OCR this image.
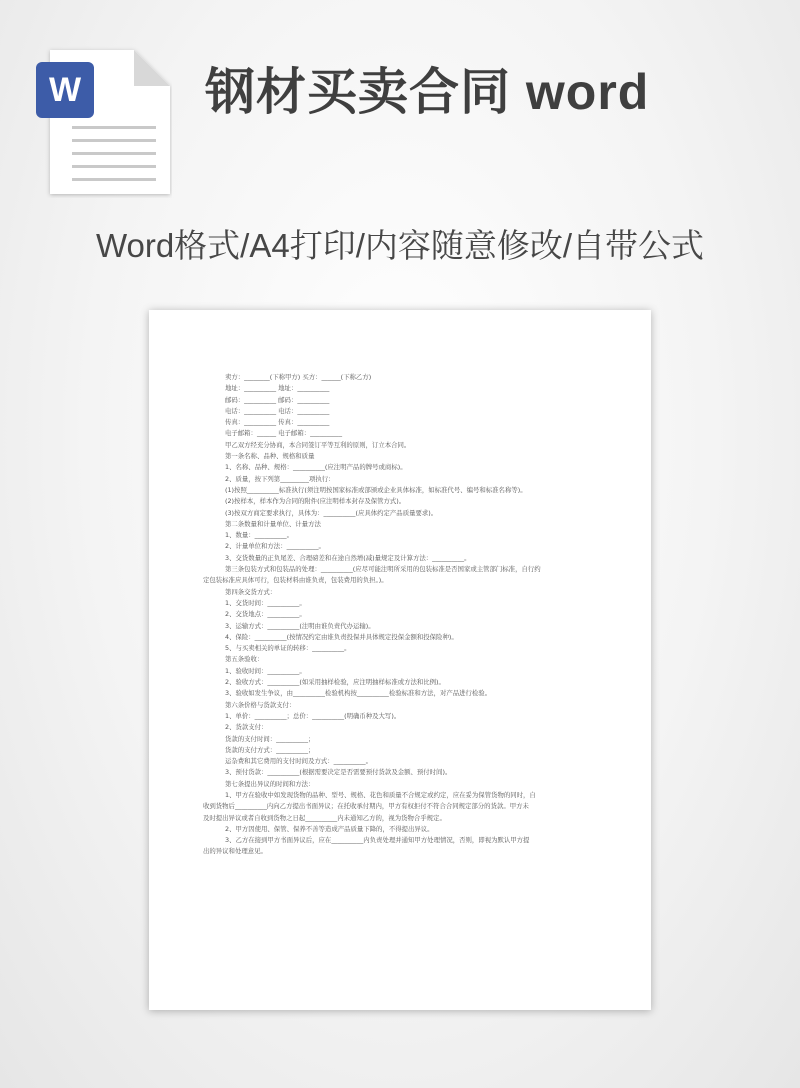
W 钢材买卖合同 word
Word格式/A4打印/内容随意修改/自带公式
卖方：________(下称甲方) 买方：______(下称乙方)
地址：__________ 地址：__________
邮码：__________ 邮码：__________
电话：__________ 电话：__________
传真：__________ 传真：__________
电子邮箱：______ 电子邮箱：__________
甲乙双方经充分协商，本合同签订平等互利的原则，订立本合同。
第一条名称、品种、规格和质量
1、名称、品种、规格：__________(应注明产品的牌号或商标)。
2、质量，按下列第_________项执行：
(1)按照__________标准执行(须注明按国家标准或部颁或企业具体标准，如标准代号、编号和标准名称等)。
(2)按样本，样本作为合同的附件(应注明样本封存及保管方式)。
(3)按双方商定要求执行，具体为：__________(应具体约定产品质量要求)。
第二条数量和计量单位、计量方法
1、数量：__________。
2、计量单位和方法：__________。
3、交货数量的正负尾差、合理磅差和在途自然增(减)量规定及计算方法：__________。
第三条包装方式和包装品的处理：__________(应尽可能注明所采用的包装标准是否国家或主管部门标准，自行约
定包装标准应具体可行，包装材料由谁负责，包装费用的负担。)。
第四条交货方式：
1、交货时间：__________。
2、交货地点：__________。
3、运输方式：__________(注明由谁负责代办运输)。
4、保险：__________(按情况约定由谁负责投保并具体规定投保金额和投保险种)。
5、与买卖相关的单证的转移：__________。
第五条验收：
1、验收时间：__________。
2、验收方式：__________(如采用抽样检验，应注明抽样标准或方法和比例)。
3、验收如发生争议，由__________检验机构按__________检验标准和方法，对产品进行检验。
第六条价格与货款支付：
1、单价：__________；总价：__________(明确币种及大写)。
2、货款支付：
货款的支付时间：__________；
货款的支付方式：__________；
运杂费和其它费用的支付时间及方式：__________。
3、预付货款：__________(根据需要决定是否需要预付货款及金额、预付时间)。
第七条提出异议的时间和方法：
1、甲方在验收中如发现货物的品种、型号、规格、花色和质量不合规定或约定，应在妥为保管货物的同时，自
收到货物后__________内向乙方提出书面异议；在托收承付期内，甲方有权拒付不符合合同规定部分的货款。甲方未
及时提出异议或者自收到货物之日起__________内未通知乙方的，视为货物合乎规定。
2、甲方因使用、保管、保养不善等造成产品质量下降的，不得提出异议。
3、乙方在接到甲方书面异议后，应在__________内负责处理并通知甲方处理情况，否则，即视为默认甲方提
出的异议和处理意见。
